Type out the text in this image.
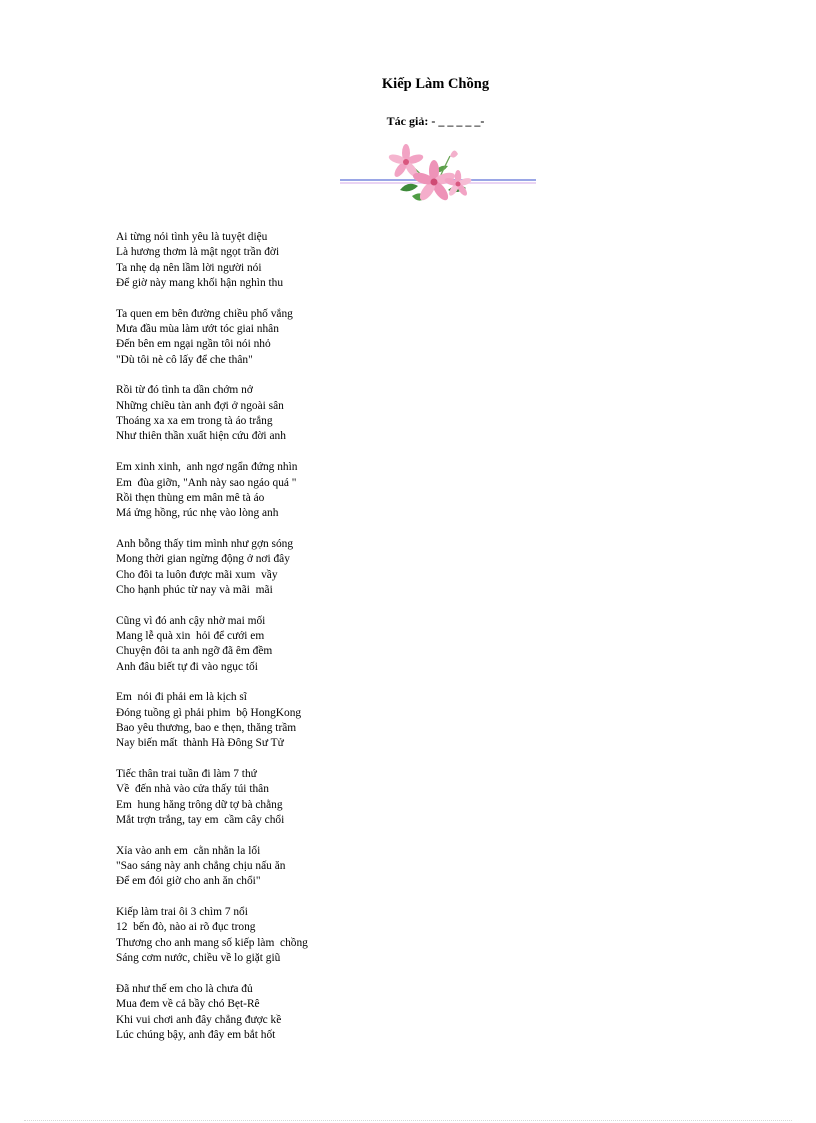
Kiếp Làm Chồng
Tác giả: - _ _ _ _ _-
Ai từng nói tình yêu là tuyệt diệu
Là hương thơm là mật ngọt trần đời
Ta nhẹ dạ nên lầm lời người nói
Để giờ này mang khối hận nghìn thu
Ta quen em bên đường chiều phố vắng
Mưa đầu mùa làm ướt tóc giai nhân
Đến bên em ngại ngần tôi nói nhỏ
"Dù tôi nè cô lấy để che thân"
Rồi từ đó tình ta dần chớm nở
Những chiều tàn anh đợi ở ngoài sân
Thoáng xa xa em trong tà áo trắng
Như thiên thần xuất hiện cứu đời anh
Em xinh xinh,  anh ngơ ngẩn đứng nhìn
Em  đùa giỡn, "Anh này sao ngáo quá "
Rồi thẹn thùng em mân mê tà áo
Má ửng hồng, rúc nhẹ vào lòng anh
Anh bỗng thấy tim mình như gợn sóng
Mong thời gian ngừng động ở nơi đây
Cho đôi ta luôn được mãi xum  vầy
Cho hạnh phúc từ nay và mãi  mãi
Cũng vì đó anh cậy nhờ mai mối
Mang lễ quà xin  hỏi để cưới em
Chuyện đôi ta anh ngỡ đã êm đềm
Anh đâu biết tự đi vào ngục tối
Em  nói đi phải em là kịch sĩ
Đóng tuồng gì phải phim  bộ HongKong
Bao yêu thương, bao e thẹn, thăng trầm
Nay biến mất  thành Hà Đông Sư Tử
Tiếc thân trai tuần đi làm 7 thứ
Về  đến nhà vào cửa thấy túi thân
Em  hung hăng trông dữ tợ bà chằng
Mắt trợn trắng, tay em  cầm cây chổi
Xỉa vào anh em  cằn nhằn la lối
"Sao sáng này anh chẳng chịu nấu ăn
Để em đói giờ cho anh ăn chổi"
Kiếp làm trai ôi 3 chìm 7 nổi
12  bến đò, nào ai rõ đục trong
Thương cho anh mang số kiếp làm  chồng
Sáng cơm nước, chiều về lo giặt giũ
Đã như thế em cho là chưa đủ
Mua đem về cả bầy chó Bẹt-Rê
Khi vui chơi anh đây chẳng được kề
Lúc chúng bậy, anh đây em bắt hốt
